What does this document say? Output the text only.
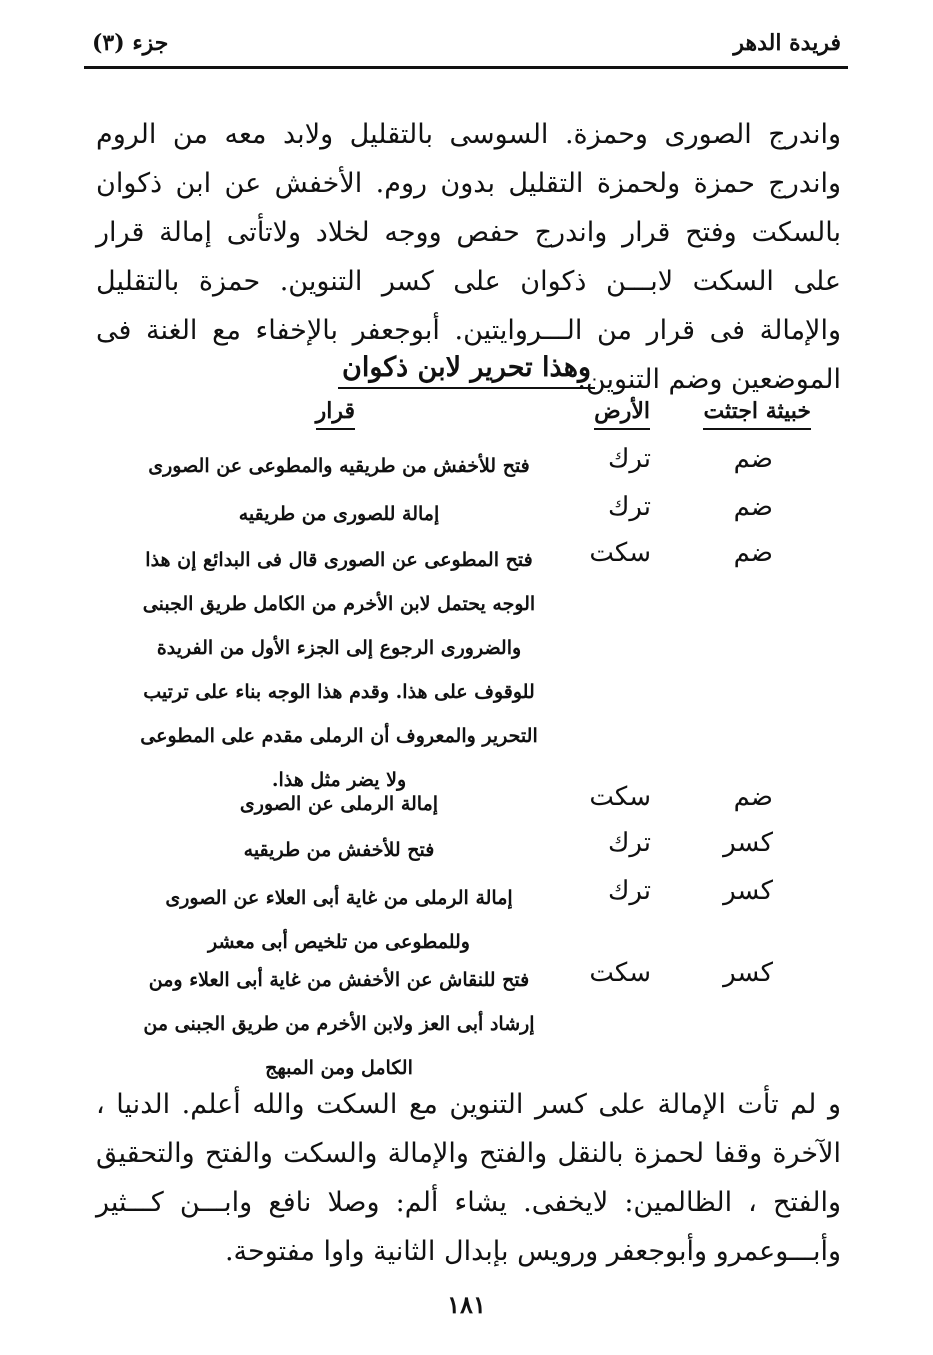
فريدة الدهر
جزء (٣)
واندرج الصورى وحمزة. السوسى بالتقليل ولابد معه من الروم واندرج حمزة ولحمزة التقليل بدون روم. الأخفش عن ابن ذكوان بالسكت وفتح قرار واندرج حفص ووجه لخلاد ولاتأتى إمالة قرار على السكت لابـــن ذكوان على كسر التنوين. حمزة بالتقليل والإمالة فى قرار من الـــروايتين. أبوجعفر بالإخفاء مع الغنة فى الموضعين وضم التنوين.
وهذا تحرير لابن ذكوان
خبيثة اجتثت
الأرض
قرار
ضم
ترك
فتح للأخفش من طريقيه والمطوعى عن الصورى
ضم
ترك
إمالة للصورى من طريقيه
ضم
سكت
فتح المطوعى عن الصورى قال فى البدائع إن هذا الوجه يحتمل لابن الأخرم من الكامل طريق الجبنى والضرورى الرجوع إلى الجزء الأول من الفريدة للوقوف على هذا. وقدم هذا الوجه بناء على ترتيب التحرير والمعروف أن الرملى مقدم على المطوعى ولا يضر مثل هذا.
ضم
سكت
إمالة الرملى عن الصورى
كسر
ترك
فتح للأخفش من طريقيه
كسر
ترك
إمالة الرملى من غاية أبى العلاء عن الصورى وللمطوعى من تلخيص أبى معشر
كسر
سكت
فتح للنقاش عن الأخفش من غاية أبى العلاء ومن إرشاد أبى العز ولابن الأخرم من طريق الجبنى من الكامل ومن المبهج
و لم تأت الإمالة على كسر التنوين مع السكت والله أعلم. الدنيا ، الآخرة وقفا لحمزة بالنقل والفتح والإمالة والسكت والفتح والتحقيق والفتح ، الظالمين: لايخفى. يشاء ألم: وصلا نافع وابـــن كـــثير وأبـــوعمرو وأبوجعفر ورويس بإبدال الثانية واوا مفتوحة.
١٨١
